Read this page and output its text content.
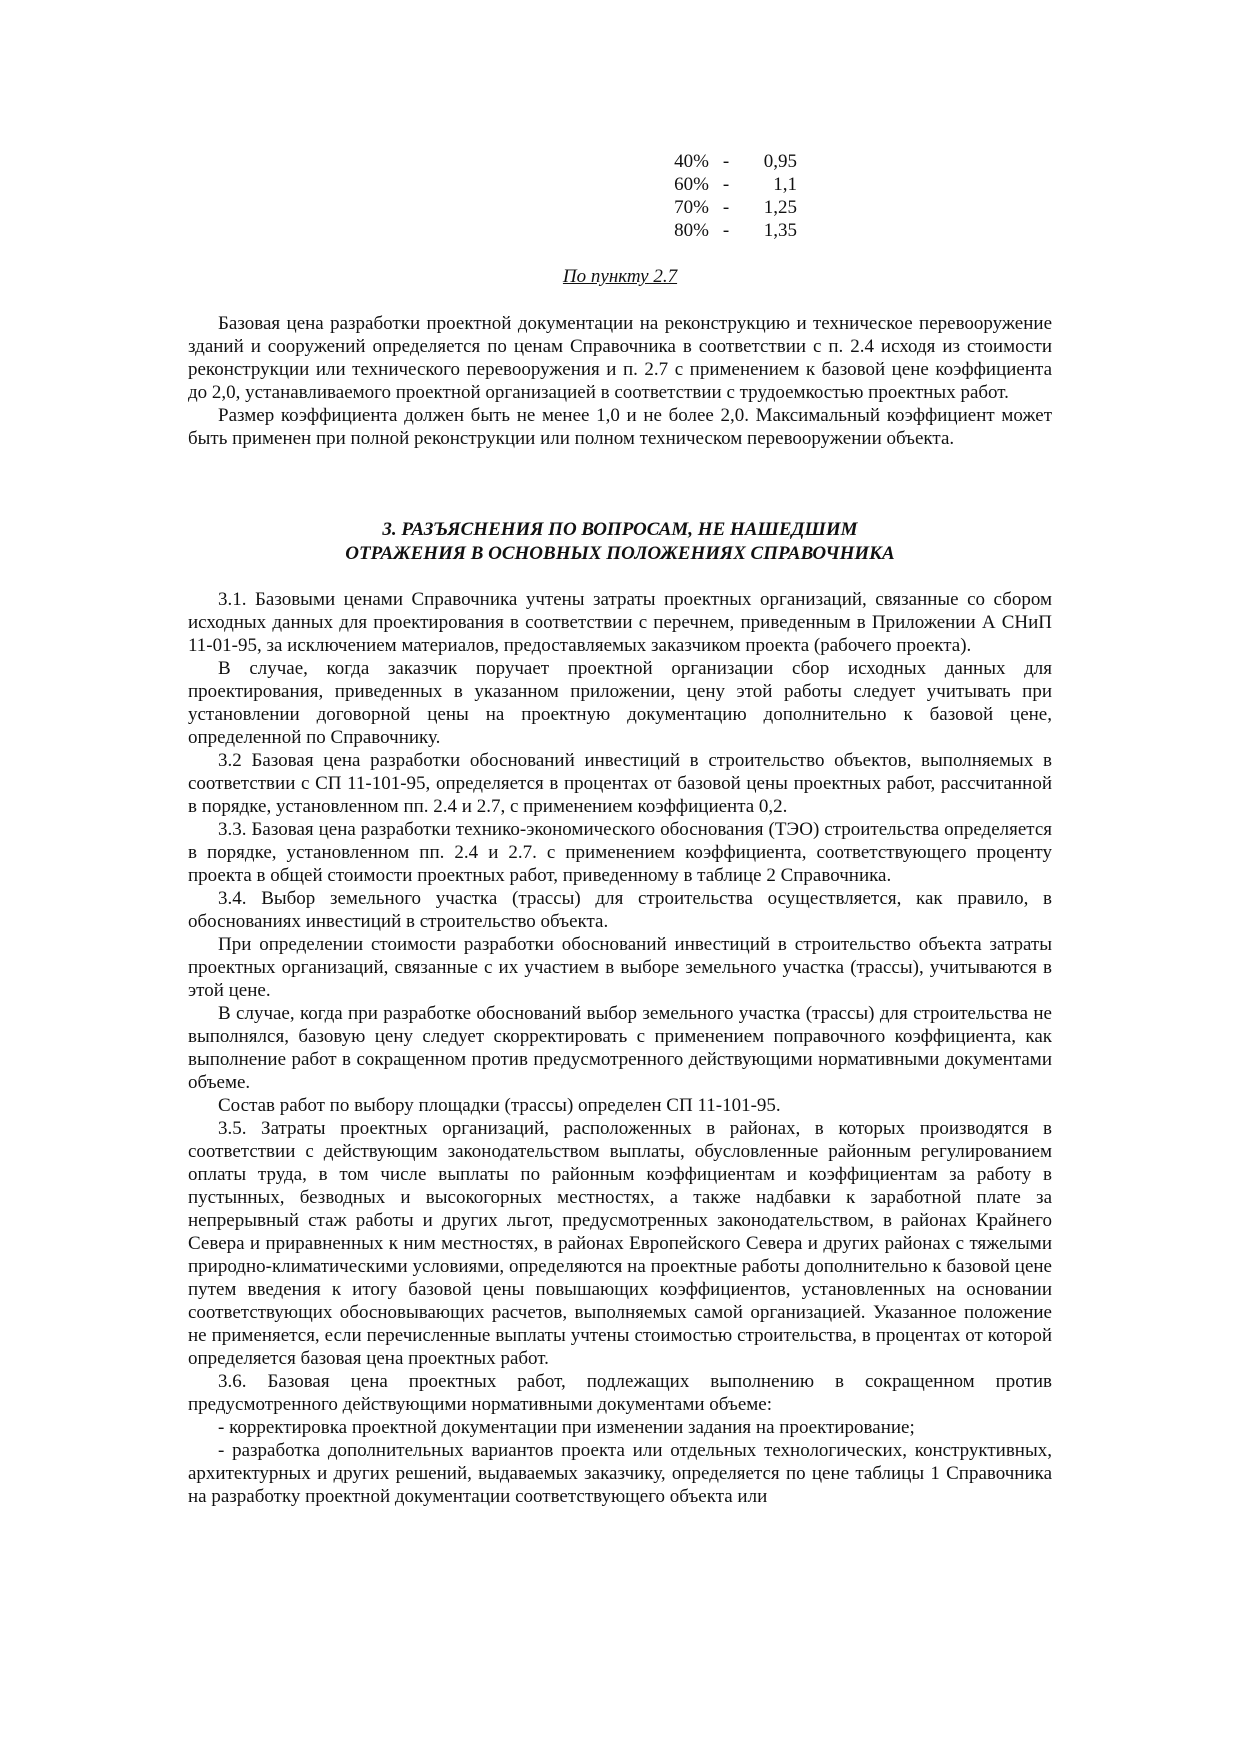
40% -	0,95
60% -	1,1
70% -	1,25
80% -	1,35
По пункту 2.7

Базовая цена разработки проектной документации на реконструкцию и техническое перевооружение зданий и сооружений определяется по ценам Справочника в соответствии с п. 2.4 исходя из стоимости реконструкции или технического перевооружения и п. 2.7 с применением к базовой цене коэффициента до 2,0, устанавливаемого проектной организацией в соответствии с трудоемкостью проектных работ.

Размер коэффициента должен быть не менее 1,0 и не более 2,0. Максимальный коэффициент может быть применен при полной реконструкции или полном техническом перевооружении объекта.

3. РАЗЪЯСНЕНИЯ ПО ВОПРОСАМ, НЕ НАШЕДШИМ
ОТРАЖЕНИЯ В ОСНОВНЫХ ПОЛОЖЕНИЯХ СПРАВОЧНИКА

3.1. Базовыми ценами Справочника учтены затраты проектных организаций, связанные со сбором исходных данных для проектирования в соответствии с перечнем, приведенным в Приложении А СНиП 11-01-95, за исключением материалов, предоставляемых заказчиком проекта (рабочего проекта).

В случае, когда заказчик поручает проектной организации сбор исходных данных для проектирования, приведенных в указанном приложении, цену этой работы следует учитывать при установлении договорной цены на проектную документацию дополнительно к базовой цене, определенной по Справочнику.

3.2 Базовая цена разработки обоснований инвестиций в строительство объектов, выполняемых в соответствии с СП 11-101-95, определяется в процентах от базовой цены проектных работ, рассчитанной в порядке, установленном пп. 2.4 и 2.7, с применением коэффициента 0,2.

3.3. Базовая цена разработки технико-экономического обоснования (ТЭО) строительства определяется в порядке, установленном пп. 2.4 и 2.7. с применением коэффициента, соответствующего проценту проекта в общей стоимости проектных работ, приведенному в таблице 2 Справочника.

3.4. Выбор земельного участка (трассы) для строительства осуществляется, как правило, в обоснованиях инвестиций в строительство объекта.

При определении стоимости разработки обоснований инвестиций в строительство объекта затраты проектных организаций, связанные с их участием в выборе земельного участка (трассы), учитываются в этой цене.

В случае, когда при разработке обоснований выбор земельного участка (трассы) для строительства не выполнялся, базовую цену следует скорректировать с применением поправочного коэффициента, как выполнение работ в сокращенном против предусмотренного действующими нормативными документами объеме.

Состав работ по выбору площадки (трассы) определен СП 11-101-95.

3.5. Затраты проектных организаций, расположенных в районах, в которых производятся в соответствии с действующим законодательством выплаты, обусловленные районным регулированием оплаты труда, в том числе выплаты по районным коэффициентам и коэффициентам за работу в пустынных, безводных и высокогорных местностях, а также надбавки к заработной плате за непрерывный стаж работы и других льгот, предусмотренных законодательством, в районах Крайнего Севера и приравненных к ним местностях, в районах Европейского Севера и других районах с тяжелыми природно-климатическими условиями, определяются на проектные работы дополнительно к базовой цене путем введения к итогу базовой цены повышающих коэффициентов, установленных на основании соответствующих обосновывающих расчетов, выполняемых самой организацией. Указанное положение не применяется, если перечисленные выплаты учтены стоимостью строительства, в процентах от которой определяется базовая цена проектных работ.

3.6. Базовая цена проектных работ, подлежащих выполнению в сокращенном против предусмотренного действующими нормативными документами объеме:

- корректировка проектной документации при изменении задания на проектирование;

- разработка дополнительных вариантов проекта или отдельных технологических, конструктивных, архитектурных и других решений, выдаваемых заказчику, определяется по цене таблицы 1 Справочника на разработку проектной документации соответствующего объекта или
